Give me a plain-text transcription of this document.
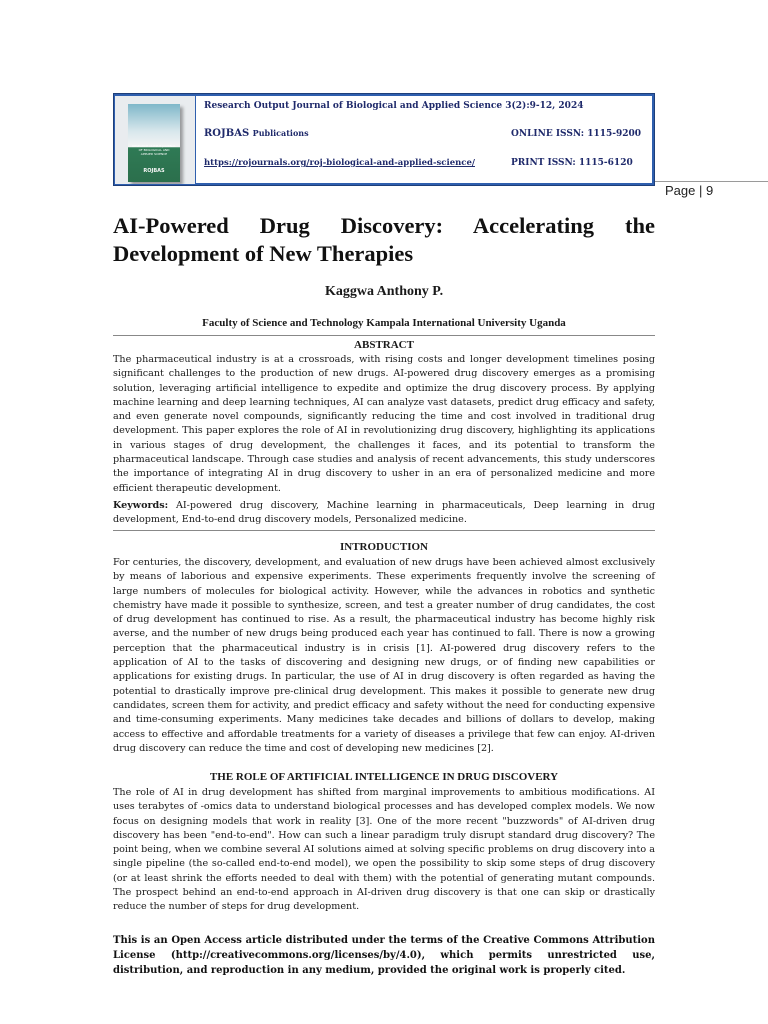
RESEARCH OUTPUT JOURNAL OF BIOLOGICAL AND APPLIED SCIENCE
ROJBAS
Research Output Journal of Biological and Applied Science 3(2):9-12, 2024
ROJBAS Publications	ONLINE ISSN: 1115-9200
https://rojournals.org/roj-biological-and-applied-science/	PRINT ISSN: 1115-6120
Page | 9
AI-Powered Drug Discovery: Accelerating the Development of New Therapies
Kaggwa Anthony P.
Faculty of Science and Technology Kampala International University Uganda
ABSTRACT
The pharmaceutical industry is at a crossroads, with rising costs and longer development timelines posing significant challenges to the production of new drugs. AI-powered drug discovery emerges as a promising solution, leveraging artificial intelligence to expedite and optimize the drug discovery process. By applying machine learning and deep learning techniques, AI can analyze vast datasets, predict drug efficacy and safety, and even generate novel compounds, significantly reducing the time and cost involved in traditional drug development. This paper explores the role of AI in revolutionizing drug discovery, highlighting its applications in various stages of drug development, the challenges it faces, and its potential to transform the pharmaceutical landscape. Through case studies and analysis of recent advancements, this study underscores the importance of integrating AI in drug discovery to usher in an era of personalized medicine and more efficient therapeutic development.
Keywords: AI-powered drug discovery, Machine learning in pharmaceuticals, Deep learning in drug development, End-to-end drug discovery models, Personalized medicine.
INTRODUCTION
For centuries, the discovery, development, and evaluation of new drugs have been achieved almost exclusively by means of laborious and expensive experiments. These experiments frequently involve the screening of large numbers of molecules for biological activity. However, while the advances in robotics and synthetic chemistry have made it possible to synthesize, screen, and test a greater number of drug candidates, the cost of drug development has continued to rise. As a result, the pharmaceutical industry has become highly risk averse, and the number of new drugs being produced each year has continued to fall. There is now a growing perception that the pharmaceutical industry is in crisis [1]. AI-powered drug discovery refers to the application of AI to the tasks of discovering and designing new drugs, or of finding new capabilities or applications for existing drugs. In particular, the use of AI in drug discovery is often regarded as having the potential to drastically improve pre-clinical drug development. This makes it possible to generate new drug candidates, screen them for activity, and predict efficacy and safety without the need for conducting expensive and time-consuming experiments. Many medicines take decades and billions of dollars to develop, making access to effective and affordable treatments for a variety of diseases a privilege that few can enjoy. AI-driven drug discovery can reduce the time and cost of developing new medicines [2].
THE ROLE OF ARTIFICIAL INTELLIGENCE IN DRUG DISCOVERY
The role of AI in drug development has shifted from marginal improvements to ambitious modifications. AI uses terabytes of -omics data to understand biological processes and has developed complex models. We now focus on designing models that work in reality [3]. One of the more recent "buzzwords" of AI-driven drug discovery has been "end-to-end". How can such a linear paradigm truly disrupt standard drug discovery? The point being, when we combine several AI solutions aimed at solving specific problems on drug discovery into a single pipeline (the so-called end-to-end model), we open the possibility to skip some steps of drug discovery (or at least shrink the efforts needed to deal with them) with the potential of generating mutant compounds. The prospect behind an end-to-end approach in AI-driven drug discovery is that one can skip or drastically reduce the number of steps for drug development.
This is an Open Access article distributed under the terms of the Creative Commons Attribution License (http://creativecommons.org/licenses/by/4.0), which permits unrestricted use, distribution, and reproduction in any medium, provided the original work is properly cited.
